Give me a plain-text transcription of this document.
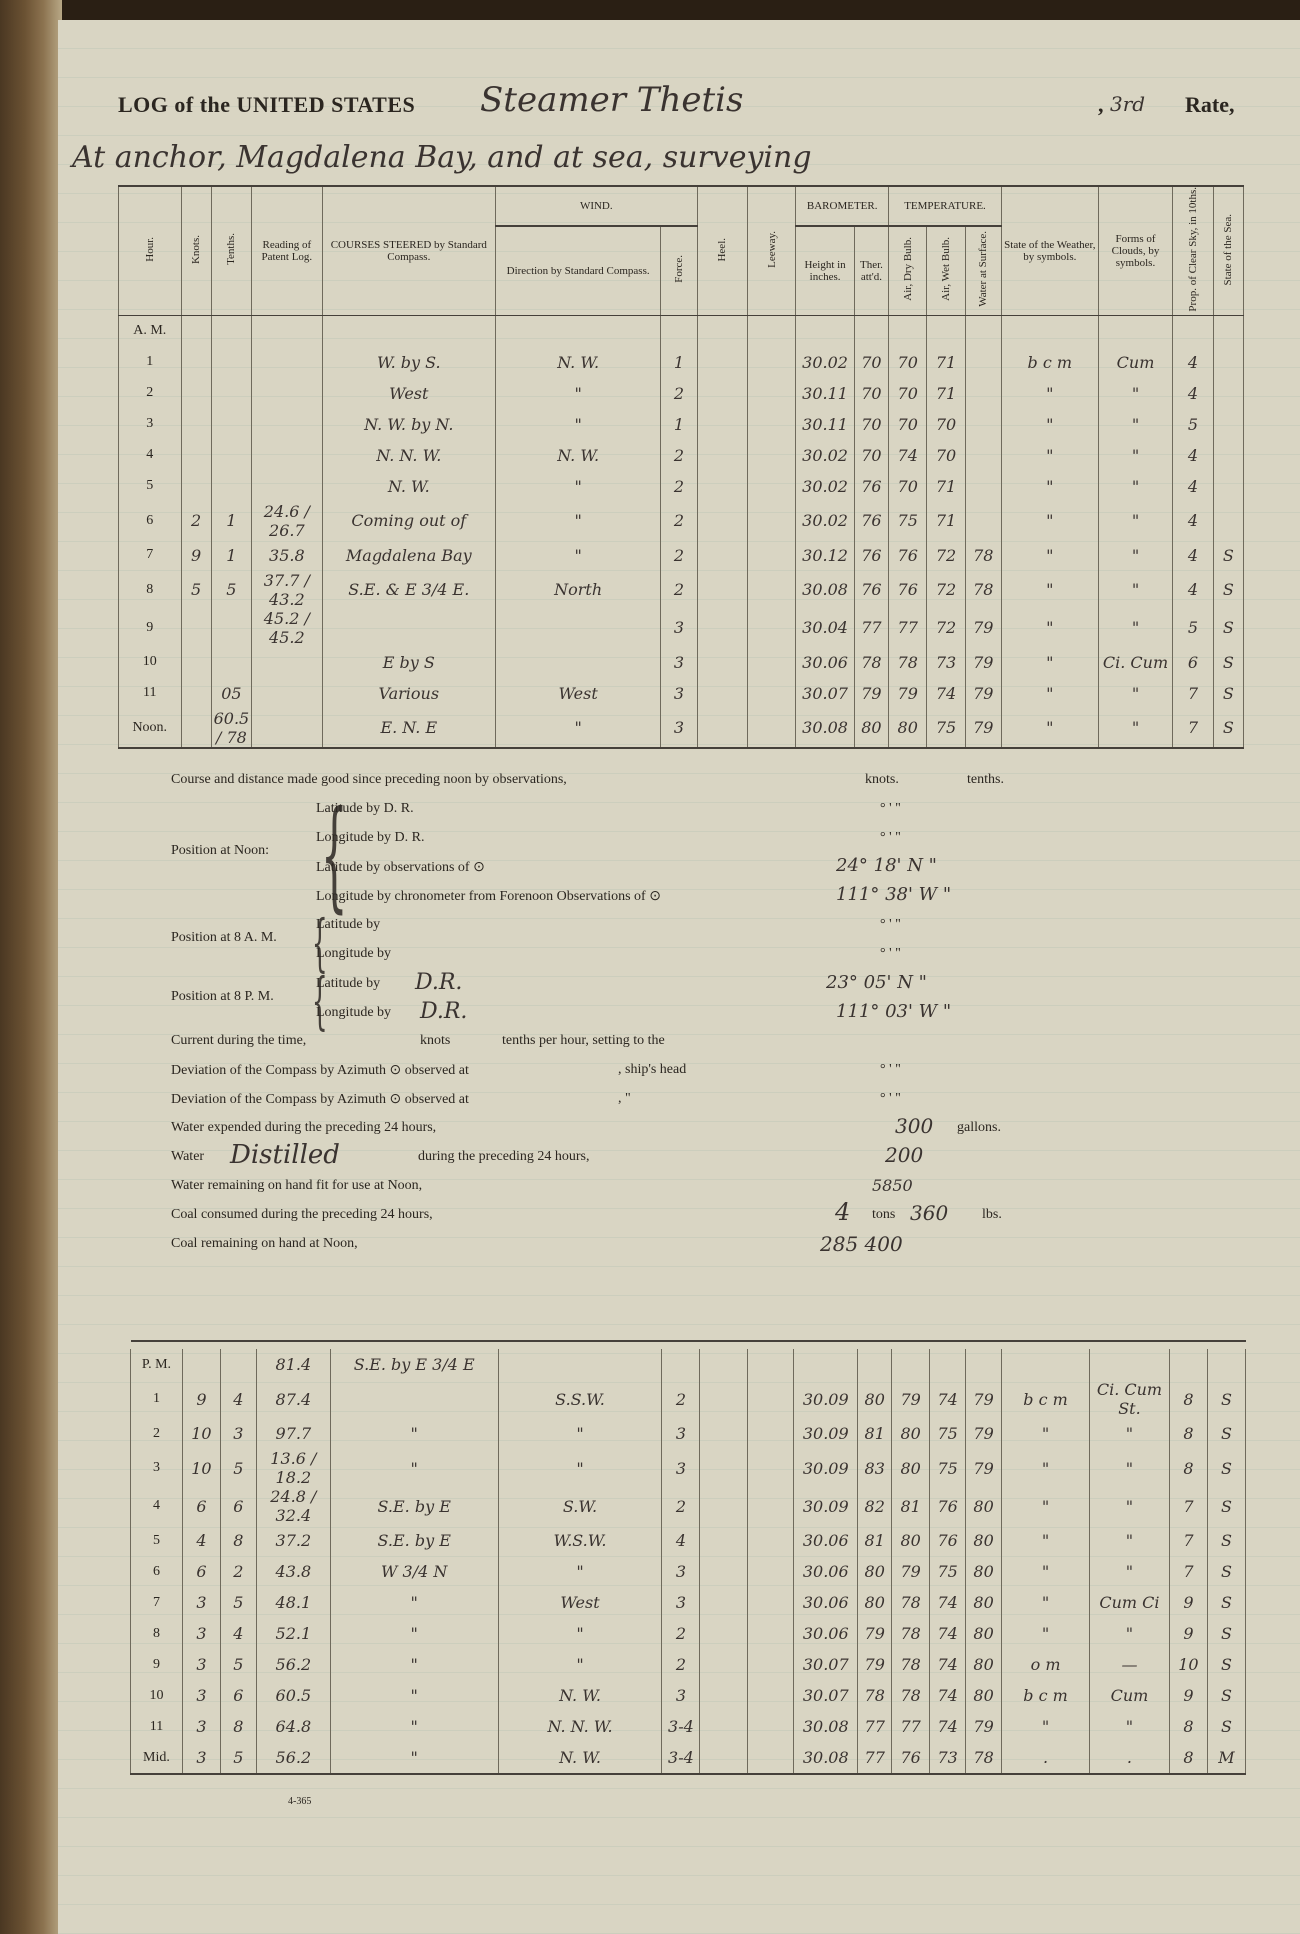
LOG of the UNITED STATES Steamer Thetis	, 3rd Rate,
At anchor, Magdalena Bay, and at sea, surveying
Hour.	Knots.	Tenths.	Reading of Patent Log.	COURSES STEERED by Standard Compass.	WIND.		Heel.	Leeway.	BAROMETER.		TEMPERATURE.			State of the Weather, by symbols.	Forms of Clouds, by symbols.	Prop. of Clear Sky, in 10ths.	State of the Sea.
					Direction by Standard Compass.	Force.			Height in inches.	Ther. att'd.	Air, Dry Bulb.	Air, Wet Bulb.	Water at Surface.				
A. M.																	
1				W. by S.	N. W.	1			30.02	70	70	71		b c m	Cum	4	
2				West	"	2			30.11	70	70	71		"	"	4	
3				N. W. by N.	"	1			30.11	70	70	70		"	"	5	
4				N. N. W.	N. W.	2			30.02	70	74	70		"	"	4	
5				N. W.	"	2			30.02	76	70	71		"	"	4	
6	2	1	24.6 / 26.7	Coming out of	"	2			30.02	76	75	71		"	"	4	
7	9	1	35.8	Magdalena Bay	"	2			30.12	76	76	72	78	"	"	4	S
8	5	5	37.7 / 43.2	S.E. & E 3/4 E.	North	2			30.08	76	76	72	78	"	"	4	S
9			45.2 / 45.2			3			30.04	77	77	72	79	"	"	5	S
10				E by S		3			30.06	78	78	73	79	"	Ci. Cum	6	S
11		05		Various	West	3			30.07	79	79	74	79	"	"	7	S
Noon.		60.5 / 78		E. N. E	"	3			30.08	80	80	75	79	"	"	7	S
Course and distance made good since preceding noon by observations,	knots.	tenths.
Position at Noon: {
Latitude by D. R.
Longitude by D. R.
Latitude by observations of ⊙
Longitude by chronometer from Forenoon Observations of ⊙
° ' "
° ' "
24° 18' N "
111° 38' W "
Position at 8 A. M. {
Latitude by
Longitude by
° ' "
° ' "
Position at 8 P. M. {
Latitude by
Longitude by
D.R.
D.R.
23° 05' N "
111° 03' W "
Current during the time,	knots	tenths per hour, setting to the
Deviation of the Compass by Azimuth ⊙ observed at	, ship's head	° ' "
Deviation of the Compass by Azimuth ⊙ observed at	, "	° ' "
Water expended during the preceding 24 hours,	300 gallons.
Water Distilled	during the preceding 24 hours,	200
Water remaining on hand fit for use at Noon,	5850
Coal consumed during the preceding 24 hours,	4 tons 360 lbs.
Coal remaining on hand at Noon,	285 400

P. M.			81.4	S.E. by E 3/4 E													
1	9	4	87.4		S.S.W.	2			30.09	80	79	74	79	b c m	Ci. Cum St.	8	S
2	10	3	97.7	"	"	3			30.09	81	80	75	79	"	"	8	S
3	10	5	13.6 / 18.2	"	"	3			30.09	83	80	75	79	"	"	8	S
4	6	6	24.8 / 32.4	S.E. by E	S.W.	2			30.09	82	81	76	80	"	"	7	S
5	4	8	37.2	S.E. by E	W.S.W.	4			30.06	81	80	76	80	"	"	7	S
6	6	2	43.8	W 3/4 N	"	3			30.06	80	79	75	80	"	"	7	S
7	3	5	48.1	"	West	3			30.06	80	78	74	80	"	Cum Ci	9	S
8	3	4	52.1	"	"	2			30.06	79	78	74	80	"	"	9	S
9	3	5	56.2	"	"	2			30.07	79	78	74	80	o m	—	10	S
10	3	6	60.5	"	N. W.	3			30.07	78	78	74	80	b c m	Cum	9	S
11	3	8	64.8	"	N. N. W.	3-4			30.08	77	77	74	79	"	"	8	S
Mid.	3	5	56.2	"	N. W.	3-4			30.08	77	76	73	78	.	.	8	M
4-365
